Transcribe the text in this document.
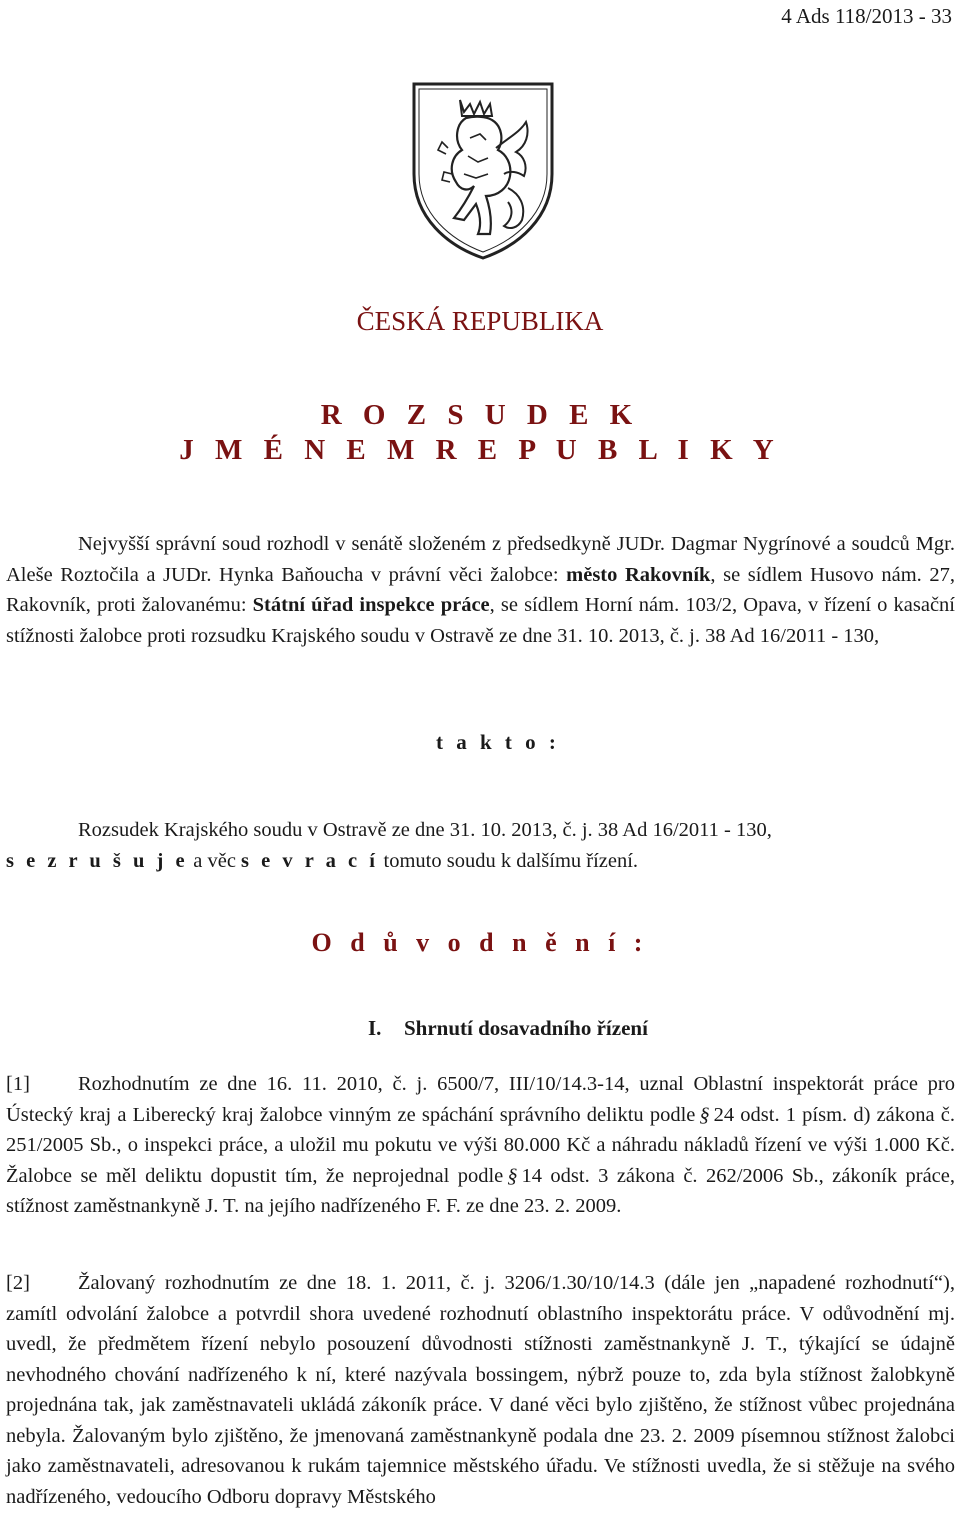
4 Ads 118/2013 - 33
ČESKÁ REPUBLIKA
R O Z S U D E K
J M É N E M R E P U B L I K Y
Nejvyšší správní soud rozhodl v senátě složeném z předsedkyně JUDr. Dagmar Nygrínové a soudců Mgr. Aleše Roztočila a JUDr. Hynka Baňoucha v právní věci žalobce: město Rakovník, se sídlem Husovo nám. 27, Rakovník, proti žalovanému: Státní úřad inspekce práce, se sídlem Horní nám. 103/2, Opava, v řízení o kasační stížnosti žalobce proti rozsudku Krajského soudu v Ostravě ze dne 31. 10. 2013, č. j. 38 Ad 16/2011 - 130,
t a k t o :
Rozsudek Krajského soudu v Ostravě ze dne 31. 10. 2013, č. j. 38 Ad 16/2011 - 130,
s e z r u š u j e a věc s e v r a c í tomuto soudu k dalšímu řízení.
O d ů v o d n ě n í :
I. Shrnutí dosavadního řízení
[1] Rozhodnutím ze dne 16. 11. 2010, č. j. 6500/7, III/10/14.3-14, uznal Oblastní inspektorát práce pro Ústecký kraj a Liberecký kraj žalobce vinným ze spáchání správního deliktu podle § 24 odst. 1 písm. d) zákona č. 251/2005 Sb., o inspekci práce, a uložil mu pokutu ve výši 80.000 Kč a náhradu nákladů řízení ve výši 1.000 Kč. Žalobce se měl deliktu dopustit tím, že neprojednal podle § 14 odst. 3 zákona č. 262/2006 Sb., zákoník práce, stížnost zaměstnankyně J. T. na jejího nadřízeného F. F. ze dne 23. 2. 2009.
[2] Žalovaný rozhodnutím ze dne 18. 1. 2011, č. j. 3206/1.30/10/14.3 (dále jen „napadené rozhodnutí“), zamítl odvolání žalobce a potvrdil shora uvedené rozhodnutí oblastního inspektorátu práce. V odůvodnění mj. uvedl, že předmětem řízení nebylo posouzení důvodnosti stížnosti zaměstnankyně J. T., týkající se údajně nevhodného chování nadřízeného k ní, které nazývala bossingem, nýbrž pouze to, zda byla stížnost žalobkyně projednána tak, jak zaměstnavateli ukládá zákoník práce. V dané věci bylo zjištěno, že stížnost vůbec projednána nebyla. Žalovaným bylo zjištěno, že jmenovaná zaměstnankyně podala dne 23. 2. 2009 písemnou stížnost žalobci jako zaměstnavateli, adresovanou k rukám tajemnice městského úřadu. Ve stížnosti uvedla, že si stěžuje na svého nadřízeného, vedoucího Odboru dopravy Městského
